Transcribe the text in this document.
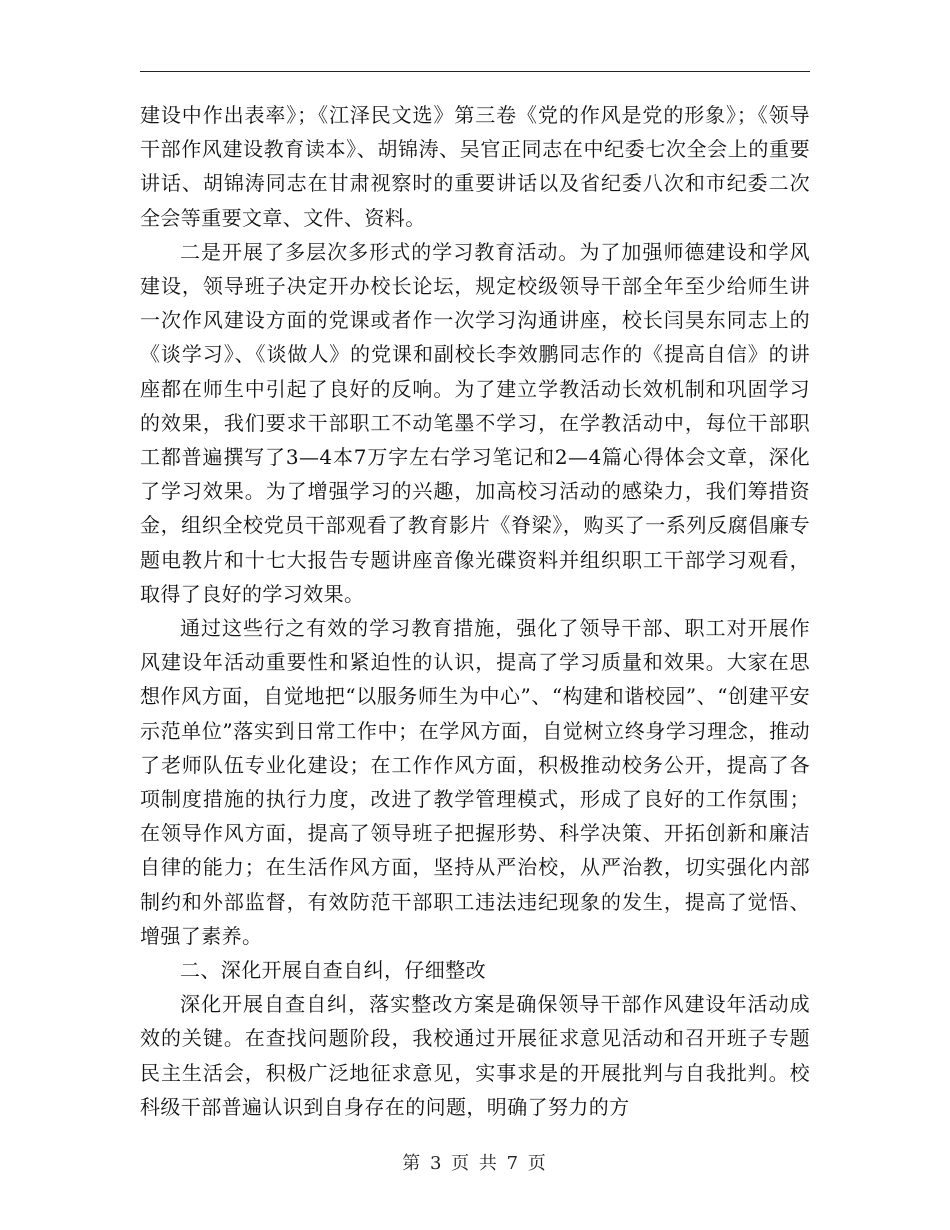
建设中作出表率》；《江泽民文选》第三卷《党的作风是党的形象》；《领导干部作风建设教育读本》、胡锦涛、吴官正同志在中纪委七次全会上的重要讲话、胡锦涛同志在甘肃视察时的重要讲话以及省纪委八次和市纪委二次全会等重要文章、文件、资料。

二是开展了多层次多形式的学习教育活动。为了加强师德建设和学风建设，领导班子决定开办校长论坛，规定校级领导干部全年至少给师生讲一次作风建设方面的党课或者作一次学习沟通讲座，校长闫昊东同志上的《谈学习》、《谈做人》的党课和副校长李效鹏同志作的《提高自信》的讲座都在师生中引起了良好的反响。为了建立学教活动长效机制和巩固学习的效果，我们要求干部职工不动笔墨不学习，在学教活动中，每位干部职工都普遍撰写了3—4本7万字左右学习笔记和2—4篇心得体会文章，深化了学习效果。为了增强学习的兴趣，加高校习活动的感染力，我们筹措资金，组织全校党员干部观看了教育影片《脊梁》，购买了一系列反腐倡廉专题电教片和十七大报告专题讲座音像光碟资料并组织职工干部学习观看，取得了良好的学习效果。

通过这些行之有效的学习教育措施，强化了领导干部、职工对开展作风建设年活动重要性和紧迫性的认识，提高了学习质量和效果。大家在思想作风方面，自觉地把“以服务师生为中心”、“构建和谐校园”、“创建平安示范单位”落实到日常工作中；在学风方面，自觉树立终身学习理念，推动了老师队伍专业化建设；在工作作风方面，积极推动校务公开，提高了各项制度措施的执行力度，改进了教学管理模式，形成了良好的工作氛围；在领导作风方面，提高了领导班子把握形势、科学决策、开拓创新和廉洁自律的能力；在生活作风方面，坚持从严治校，从严治教，切实强化内部制约和外部监督，有效防范干部职工违法违纪现象的发生，提高了觉悟、增强了素养。

二、深化开展自查自纠，仔细整改

深化开展自查自纠，落实整改方案是确保领导干部作风建设年活动成效的关键。在查找问题阶段，我校通过开展征求意见活动和召开班子专题民主生活会，积极广泛地征求意见，实事求是的开展批判与自我批判。校科级干部普遍认识到自身存在的问题，明确了努力的方

第 3 页 共 7 页
